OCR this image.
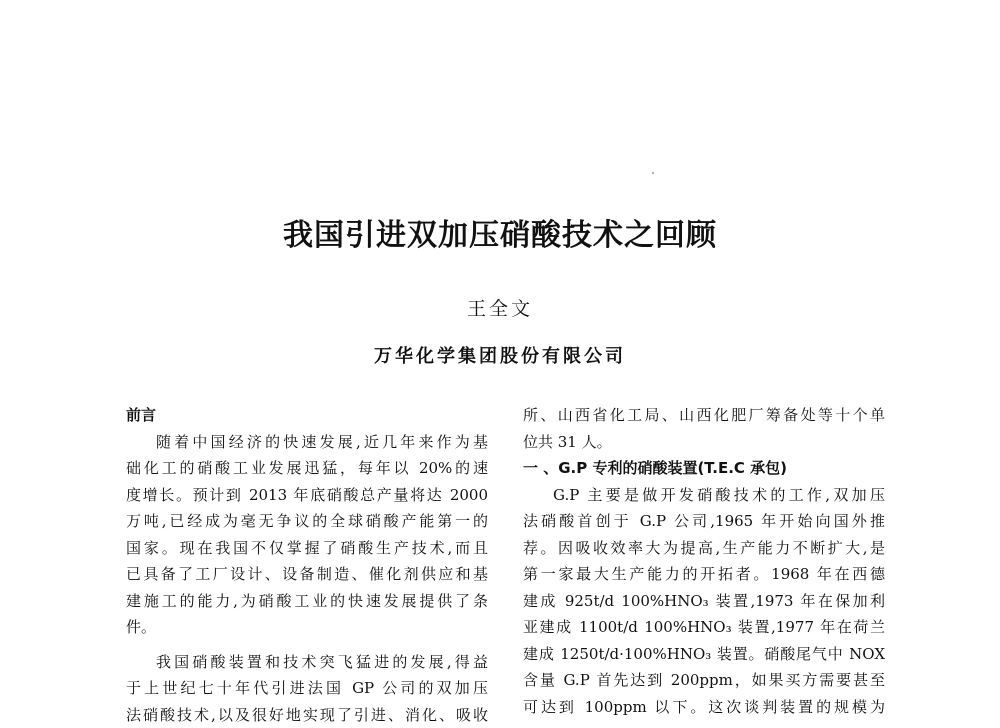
我国引进双加压硝酸技术之回顾
王全文
万华化学集团股份有限公司
前言
随着中国经济的快速发展,近几年来作为基
础化工的硝酸工业发展迅猛，每年以 20%的速
度增长。预计到 2013 年底硝酸总产量将达 2000
万吨,已经成为毫无争议的全球硝酸产能第一的
国家。现在我国不仅掌握了硝酸生产技术,而且
已具备了工厂设计、设备制造、催化剂供应和基
建施工的能力,为硝酸工业的快速发展提供了条
件。
我国硝酸装置和技术突飞猛进的发展,得益
于上世纪七十年代引进法国 GP 公司的双加压
法硝酸技术,以及很好地实现了引进、消化、吸收
所、山西省化工局、山西化肥厂筹备处等十个单
位共 31 人。
一 、G.P 专利的硝酸装置(T.E.C 承包)
G.P 主要是做开发硝酸技术的工作,双加压
法硝酸首创于 G.P 公司,1965 年开始向国外推
荐。因吸收效率大为提高,生产能力不断扩大,是
第一家最大生产能力的开拓者。1968 年在西德
建成 925t/d 100%HNO₃ 装置,1973 年在保加利
亚建成 1100t/d 100%HNO₃ 装置,1977 年在荷兰
建成 1250t/d·100%HNO₃ 装置。硝酸尾气中 NOX
含量 G.P 首先达到 200ppm，如果买方需要甚至
可达到 100ppm 以下。这次谈判装置的规模为
